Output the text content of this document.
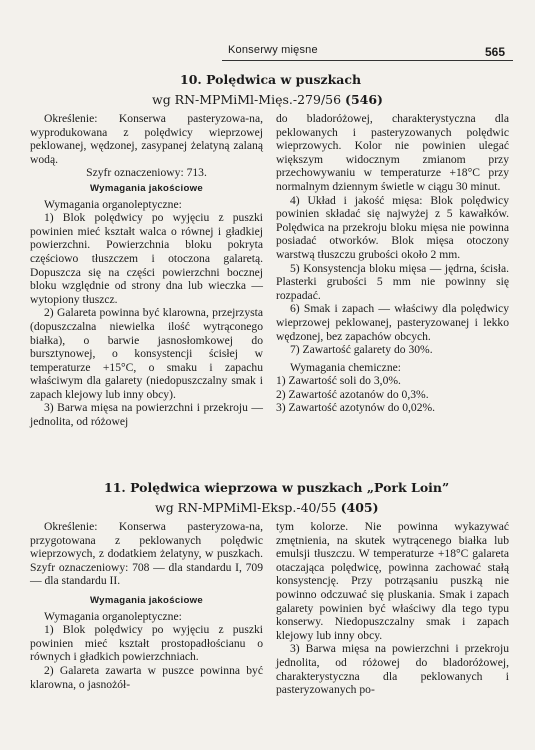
Konserwy mięsne	565
10. Polędwica w puszkach
wg RN-MPMiMl-Mięs.-279/56 (546)

Określenie: Konserwa pasteryzowa-na, wyprodukowana z polędwicy wieprzowej peklowanej, wędzonej, zasypanej żelatyną zalaną wodą.

Szyfr oznaczeniowy: 713.

Wymagania jakościowe

Wymagania organoleptyczne:

1) Blok polędwicy po wyjęciu z puszki powinien mieć kształt walca o równej i gładkiej powierzchni. Powierzchnia bloku pokryta częściowo tłuszczem i otoczona galaretą. Dopuszcza się na części powierzchni bocznej bloku względnie od strony dna lub wieczka — wytopiony tłuszcz.

2) Galareta powinna być klarowna, przejrzysta (dopuszczalna niewielka ilość wytrąconego białka), o barwie jasnosłomkowej do bursztynowej, o konsystencji ścisłej w temperaturze +15°C, o smaku i zapachu właściwym dla galarety (niedopuszczalny smak i zapach klejowy lub inny obcy).

3) Barwa mięsa na powierzchni i przekroju — jednolita, od różowej

do bladoróżowej, charakterystyczna dla peklowanych i pasteryzowanych polędwic wieprzowych. Kolor nie powinien ulegać większym widocznym zmianom przy przechowywaniu w temperaturze +18°C przy normalnym dziennym świetle w ciągu 30 minut.

4) Układ i jakość mięsa: Blok polędwicy powinien składać się najwyżej z 5 kawałków. Polędwica na przekroju bloku mięsa nie powinna posiadać otworków. Blok mięsa otoczony warstwą tłuszczu grubości około 2 mm.

5) Konsystencja bloku mięsa — jędrna, ścisła. Plasterki grubości 5 mm nie powinny się rozpadać.

6) Smak i zapach — właściwy dla polędwicy wieprzowej peklowanej, pasteryzowanej i lekko wędzonej, bez zapachów obcych.

7) Zawartość galarety do 30%.

Wymagania chemiczne:

1) Zawartość soli do 3,0%.

2) Zawartość azotanów do 0,3%.

3) Zawartość azotynów do 0,02%.

11. Polędwica wieprzowa w puszkach „Pork Loin”
wg RN-MPMiMl-Eksp.-40/55 (405)

Określenie: Konserwa pasteryzowa-na, przygotowana z peklowanych polędwic wieprzowych, z dodatkiem żelatyny, w puszkach. Szyfr oznaczeniowy: 708 — dla standardu I, 709 — dla standardu II.

Wymagania jakościowe

Wymagania organoleptyczne:

1) Blok polędwicy po wyjęciu z puszki powinien mieć kształt prostopadłościanu o równych i gładkich powierzchniach.

2) Galareta zawarta w puszce powinna być klarowna, o jasnożół-

tym kolorze. Nie powinna wykazywać zmętnienia, na skutek wytrącenego białka lub emulsji tłuszczu. W temperaturze +18°C galareta otaczająca polędwicę, powinna zachować stałą konsystencję. Przy potrząsaniu puszką nie powinno odczuwać się pluskania. Smak i zapach galarety powinien być właściwy dla tego typu konserwy. Niedopuszczalny smak i zapach klejowy lub inny obcy.

3) Barwa mięsa na powierzchni i przekroju jednolita, od różowej do bladoróżowej, charakterystyczna dla peklowanych i pasteryzowanych po-
